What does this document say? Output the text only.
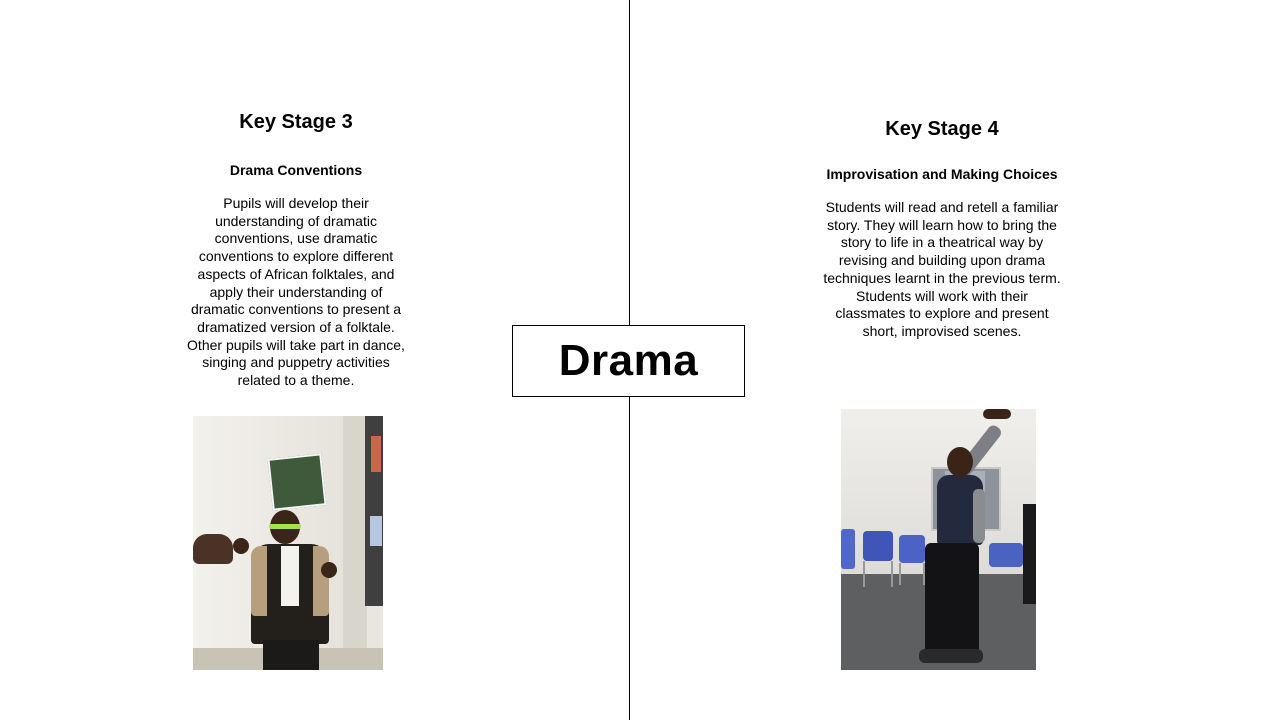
Key Stage 3

Drama Conventions

Pupils will develop their
understanding of dramatic
conventions, use dramatic
conventions to explore different
aspects of African folktales, and
apply their understanding of
dramatic conventions to present a
dramatized version of a folktale.
Other pupils will take part in dance,
singing and puppetry activities
related to a theme.

Key Stage 4

Improvisation and Making Choices

Students will read and retell a familiar
story. They will learn how to bring the
story to life in a theatrical way by
revising and building upon drama
techniques learnt in the previous term.
Students will work with their
classmates to explore and present
short, improvised scenes.

Drama
